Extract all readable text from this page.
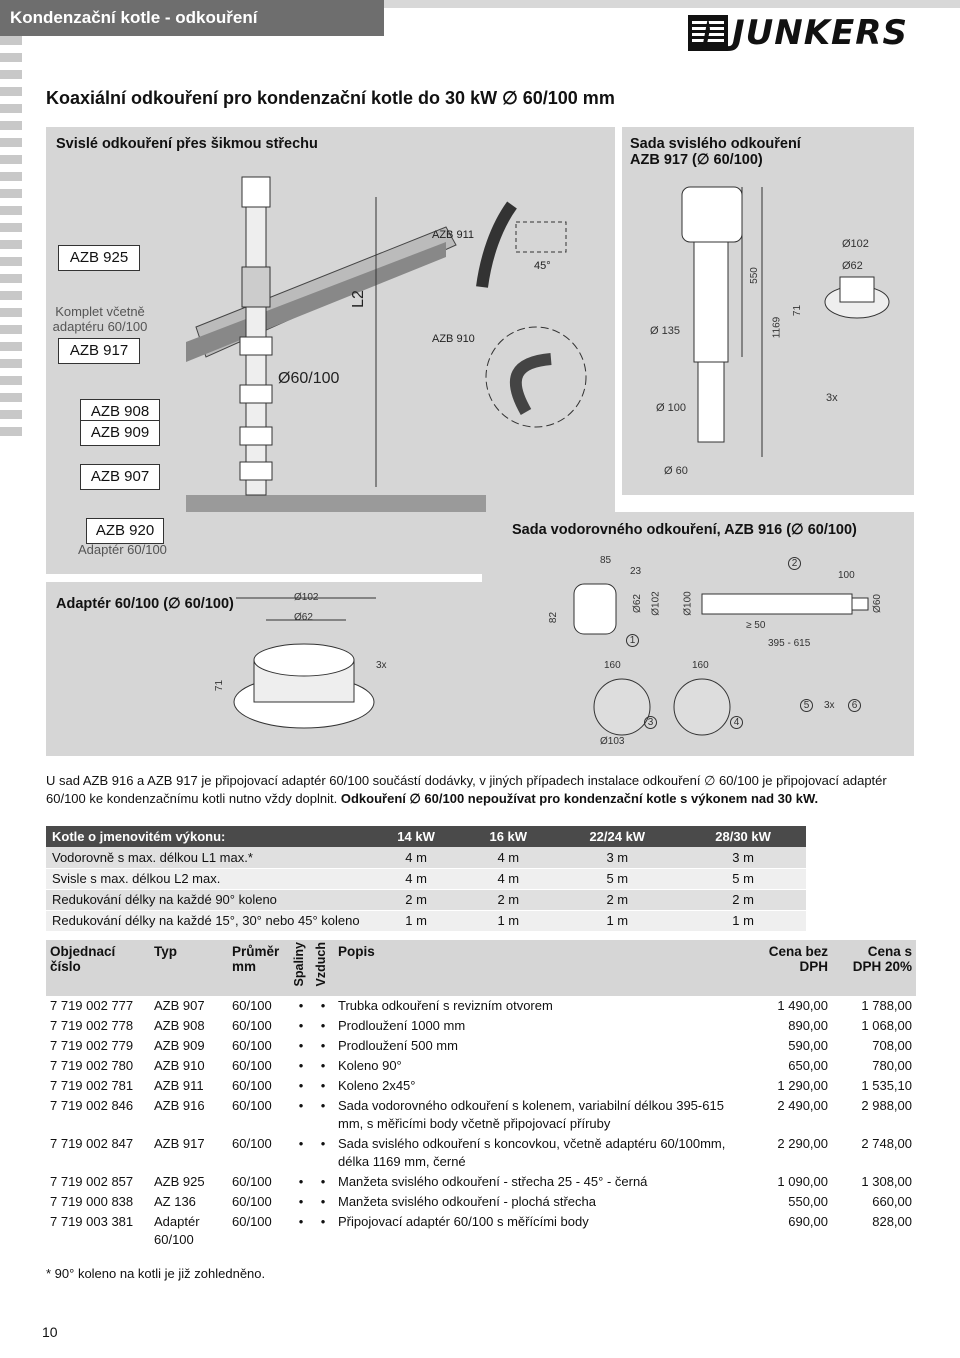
Kondenzační kotle - odkouření	JUNKERS
Koaxiální odkouření pro kondenzační kotle do 30 kW ∅ 60/100 mm
Svislé odkouření přes šikmou střechu
AZB 925
Komplet včetně adaptéru 60/100
AZB 917
AZB 908
AZB 909
AZB 907
AZB 911
45°
AZB 910
L2
Ø60/100
Sada svislého odkouření
AZB 917 (∅ 60/100)
550
1169
71
Ø 135
Ø 100
Ø 60
Ø102
Ø62
3x
AZB 920
Adaptér 60/100
Sada vodorovného odkouření, AZB 916 (∅ 60/100)
85
23
82
Ø62 Ø102 Ø100
≥ 50
395 - 615
100
Ø60
160	160
Ø103
1
2
3	4
5	6
3x
Adaptér 60/100 (∅ 60/100)	Ø102
Ø62
71
3x
U sad AZB 916 a AZB 917 je připojovací adaptér 60/100 součástí dodávky, v jiných případech instalace odkouření ∅ 60/100 je připojovací adaptér 60/100 ke kondenzačnímu kotli nutno vždy doplnit. Odkouření ∅ 60/100 nepoužívat pro kondenzační kotle s výkonem nad 30 kW.
Kotle o jmenovitém výkonu:	14 kW	16 kW	22/24 kW	28/30 kW
Vodorovně s max. délkou L1 max.*	4 m	4 m	3 m	3 m
Svisle s max. délkou L2 max.	4 m	4 m	5 m	5 m
Redukování délky na každé 90° koleno	2 m	2 m	2 m	2 m
Redukování délky na každé 15°, 30° nebo 45° koleno	1 m	1 m	1 m	1 m
Objednací číslo	Typ	Průměr mm	Spaliny	Vzduch	Popis	Cena bez DPH	Cena s DPH 20%
7 719 002 777	AZB 907	60/100	•	•	Trubka odkouření s revizním otvorem	1 490,00	1 788,00
7 719 002 778	AZB 908	60/100	•	•	Prodloužení 1000 mm	890,00	1 068,00
7 719 002 779	AZB 909	60/100	•	•	Prodloužení 500 mm	590,00	708,00
7 719 002 780	AZB 910	60/100	•	•	Koleno 90°	650,00	780,00
7 719 002 781	AZB 911	60/100	•	•	Koleno 2x45°	1 290,00	1 535,10
7 719 002 846	AZB 916	60/100	•	•	Sada vodorovného odkouření s kolenem, variabilní délkou 395-615 mm, s měřicími body včetně připojovací příruby	2 490,00	2 988,00
7 719 002 847	AZB 917	60/100	•	•	Sada svislého odkouření s koncovkou, včetně adaptéru 60/100mm, délka 1169 mm, černé	2 290,00	2 748,00
7 719 002 857	AZB 925	60/100	•	•	Manžeta svislého odkouření - střecha 25 - 45° - černá	1 090,00	1 308,00
7 719 000 838	AZ 136	60/100	•	•	Manžeta svislého odkouření - plochá střecha	550,00	660,00
7 719 003 381	Adaptér 60/100	60/100	•	•	Připojovací adaptér 60/100 s měřícími body	690,00	828,00
* 90° koleno na kotli je již zohledněno.
10
